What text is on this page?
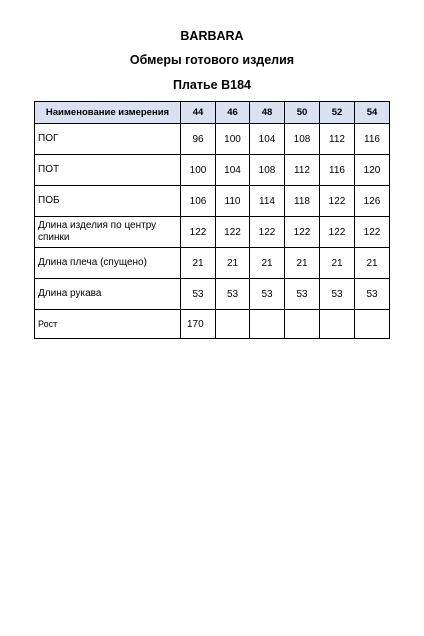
BARBARA
Обмеры готового изделия
Платье В184
Наименование измерения	44	46	48	50	52	54
ПОГ	96	100	104	108	112	116
ПОТ	100	104	108	112	116	120
ПОБ	106	110	114	118	122	126
Длина изделия по центру спинки	122	122	122	122	122	122
Длина плеча (спущено)	21	21	21	21	21	21
Длина рукава	53	53	53	53	53	53
Рост	170					
